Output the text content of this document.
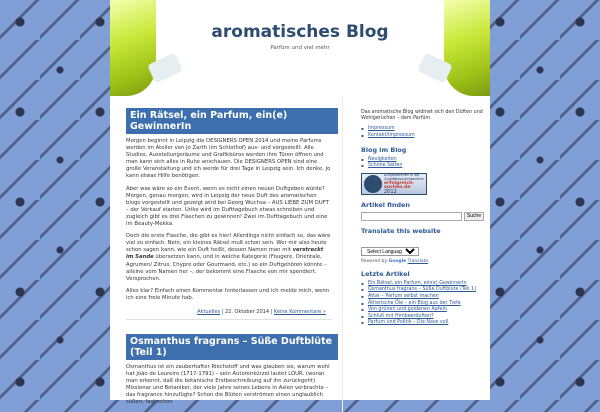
aromatisches Blog
Parfüm und viel mehr
Ein Rätsel, ein Parfum, ein(e) GewinnerIn

Morgen beginnt in Leipzig die DESIGNERS OPEN 2014 und meine Parfums werden im Atelier von Jo Zarth (im Schlothof) aus- und vorgestellt. Alle Studios, Ausstellungsräume und Grafikbüros werden ihre Türen öffnen und man kann sich alles in Ruhe anschauen. Die DESIGNERS OPEN sind eine große Veranstaltung und ich werde für drei Tage in Leipzig sein. Ich denke, Jo kann etwas Hilfe benötigen.

Aber was wäre so ein Event, wenn es nicht einen neuen Duftgeben würde? Morgen, genau morgen, wird in Leipzig der neue Duft des aromatischen blogs vorgestellt und gezeigt wird bei Georg Wuchsa – AUS LIEBE ZUM DUFT – der Verkauf starten. Urike wird im Dufttagebuch etwas schreiben und zugleich gibt es drei Flaschen zu gewinnen! Zwei im Dufttagebuch und eine im Beauty-Mekka.

Doch die erste Flasche, die gibt es hier! Allerdings nicht einfach so, das wäre viel zu einfach. Nein, ein kleines Rätsel muß schon sein. Wer mir also heute schon sagen kann, wie ein Duft heißt, dessen Namen man mit verstreckt im Sande übersetzen kann, und in welche Kategorie (Fougere, Orientale, Agrumen/ Zitrus, Chypre oder Gourmand, etc.) so ein Duftgehören könnte – alleine vom Namen her –, der bekommt eine Flasche von mir spendiert. Versprochen.

Alles klar? Einfach einen Kommentar hinterlassen und ich melde mich, wenn ich eine freie Minute hab.

Aktuelles | 22. Oktober 2014 | Keine Kommentare »
Osmanthus fragrans – Süße Duftblüte (Teil 1)

Osmanthus ist ein zauberhafter Riechstoff und was glauben sie, warum wohl hat João de Loureiro (1717-1791) – sein Autorenkürzel lautet LOUR. (woran man erkennt, daß die botanische Erstbeschreibung auf ihn zurückgeht) Missionar und Botaniker, der viele Jahre seines Lebens in Asien verbrachte – das fragrance hinzufügte? Schon die Blüten verströmen einen unglaublich süßen, fast schon

Das aromatische Blog widmet sich den Düften und Wohlgerüchen – dem Parfüm.
▪ Impressum
▪ Kontakt/Impressum
Blog im Blog
▪ Neuigkeiten
▪ Schöne Seiten
Aufgenommen in die Qualitätssuchmaschine
erfolgreich-suchen.de
2012
Artikel finden
Suche
Translate this website
Select Language
Powered by Google Translate
Letzte Artikel
▪ Ein Rätsel, ein Parfum, ein(e) GewinnerIn
▪ Osmanthus fragrans – Süße Duftblüte (Teil 1)
▪ Attar – Parfum selbst machen
▪ Ätherische Öle – ein Blog aus der Tiefe
▪ Von grünen und goldenen Äpfeln
▪ Schluß mit Himbeerduften?
▪ Parfum und Politik – Die Nase voll
